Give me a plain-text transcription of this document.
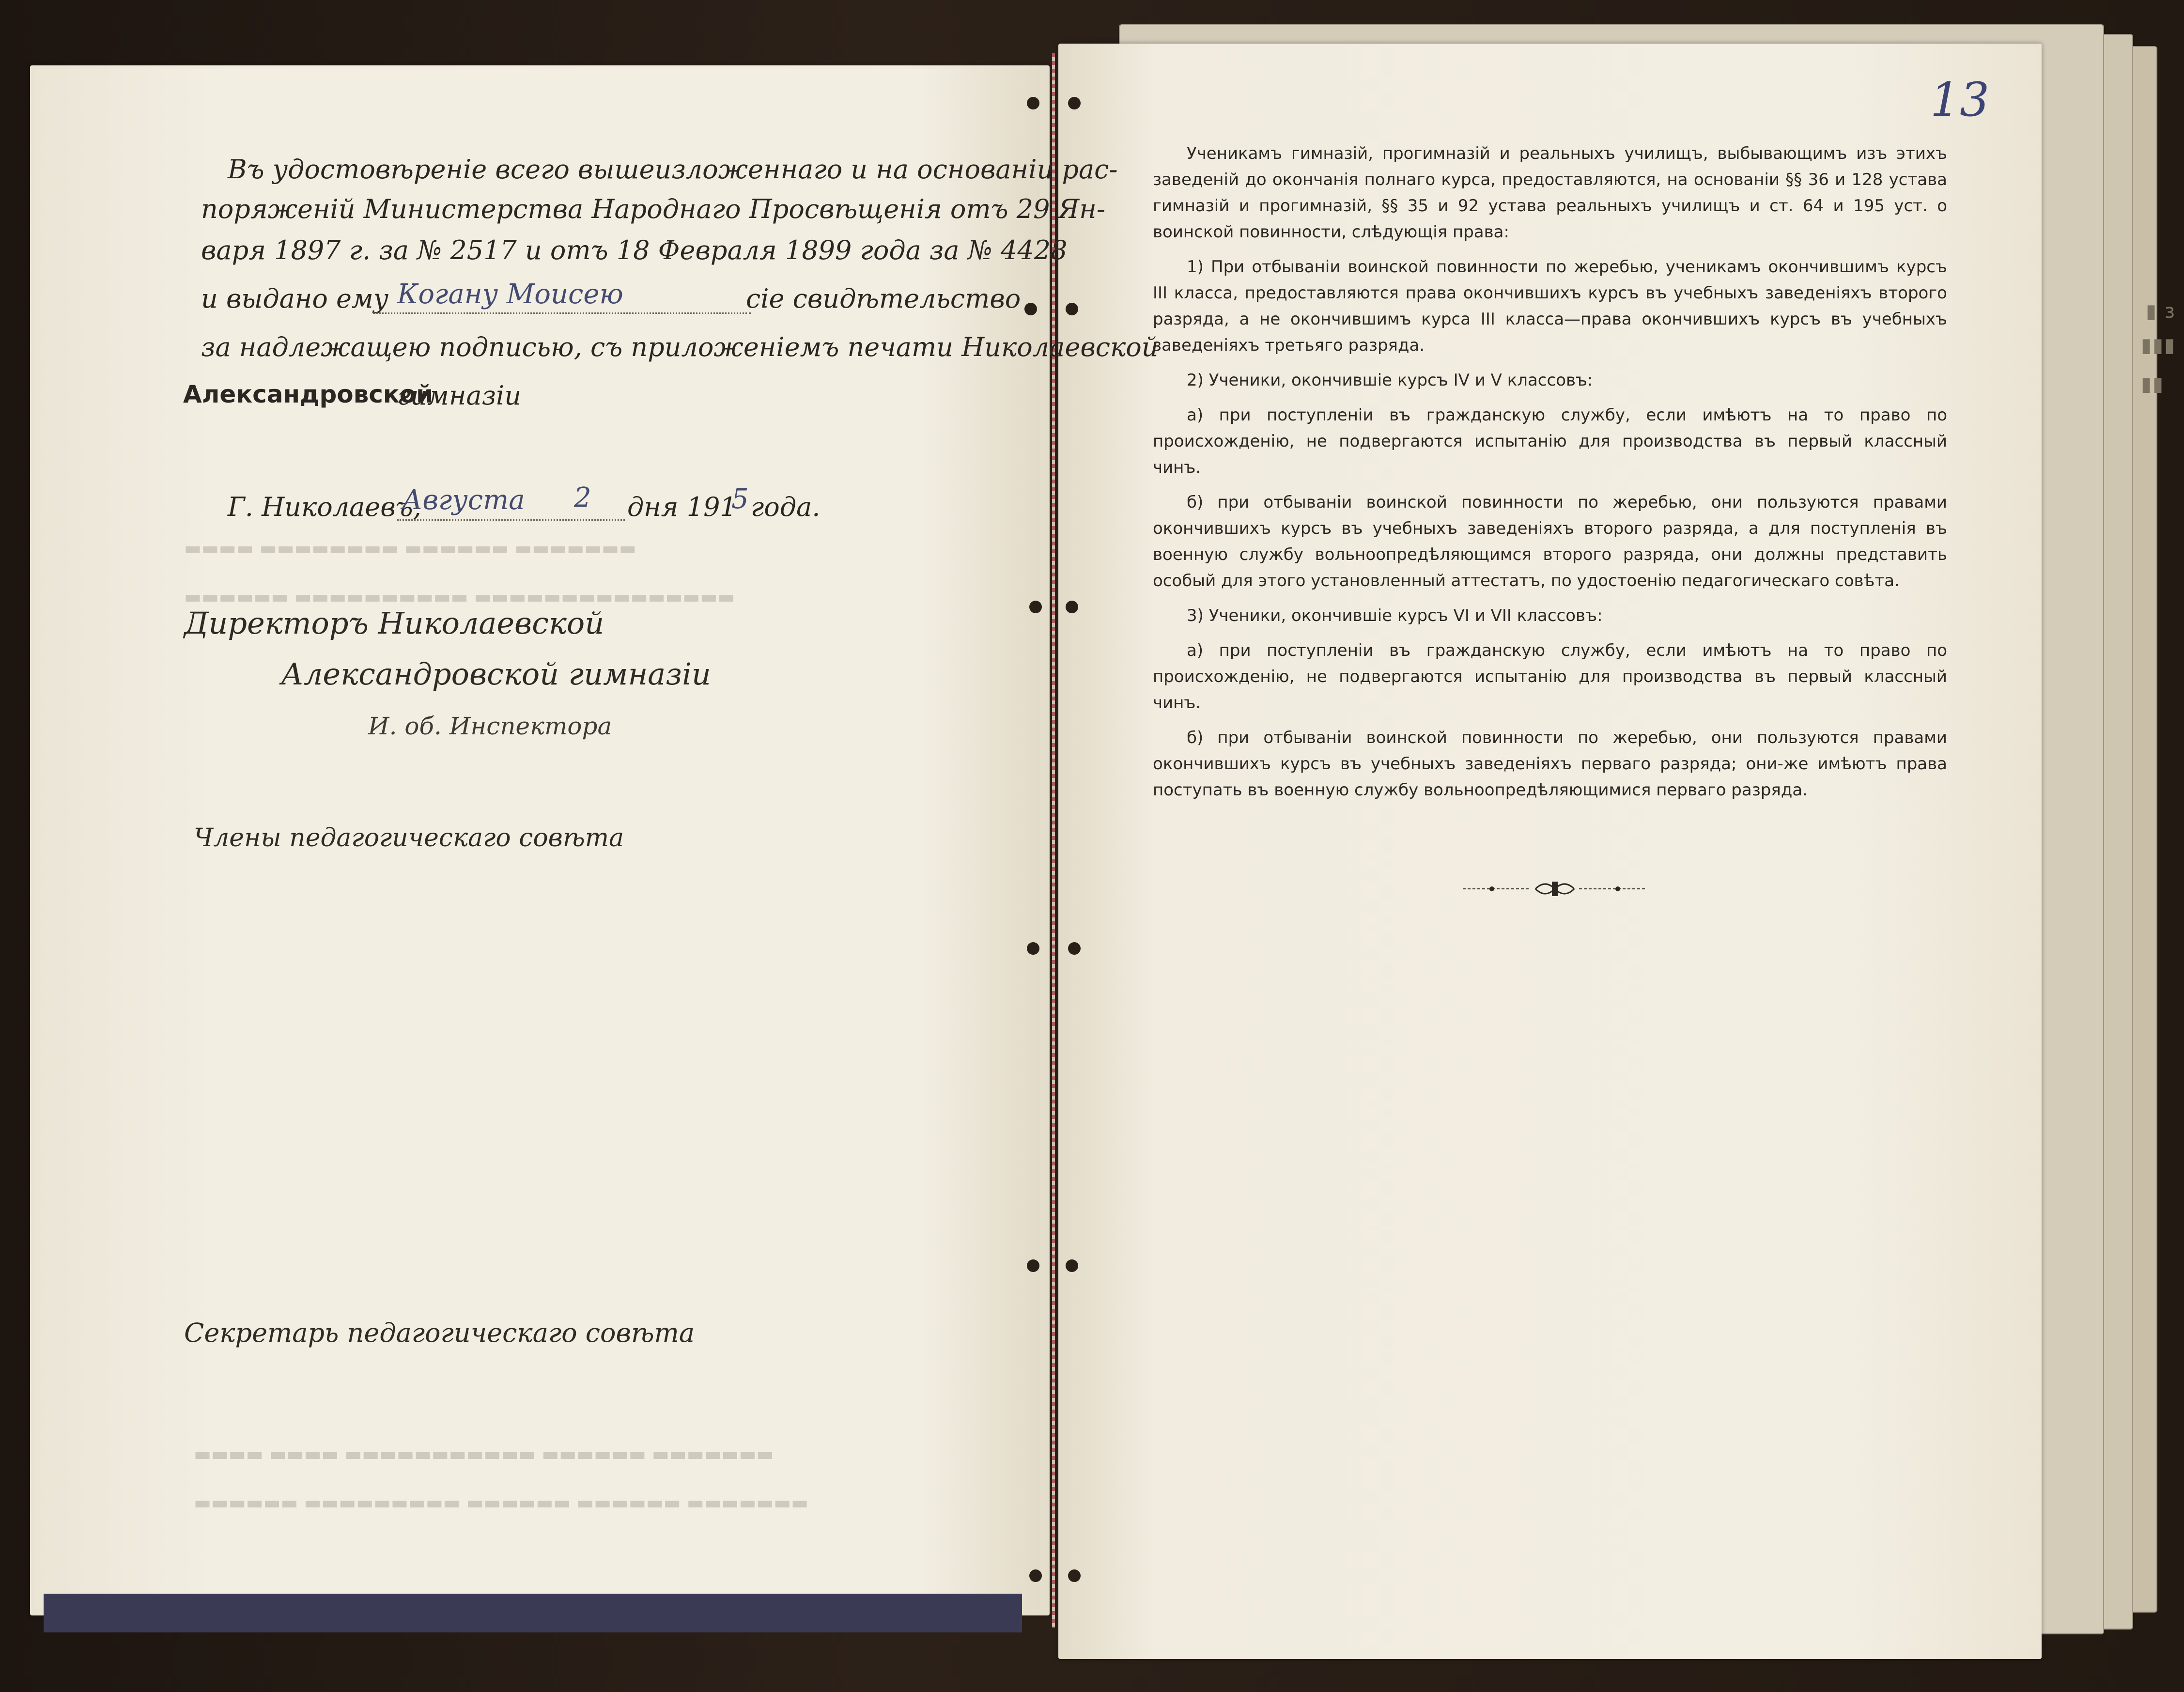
▬▬▬▬ ▬▬▬▬▬▬▬▬ ▬▬▬▬▬▬ ▬▬▬▬▬▬▬
▬▬▬▬▬▬ ▬▬▬▬▬▬▬▬▬▬ ▬▬▬▬▬▬▬▬▬▬▬▬▬▬▬
▬▬▬▬ ▬▬▬▬ ▬▬▬▬▬▬▬▬▬▬▬ ▬▬▬▬▬▬ ▬▬▬▬▬▬▬
▬▬▬▬▬▬ ▬▬▬▬▬▬▬▬▬ ▬▬▬▬▬▬ ▬▬▬▬▬▬ ▬▬▬▬▬▬▬
Въ удостовѣреніе всего вышеизложеннаго и на основаніи рас-
поряженій Министерства Народнаго Просвѣщенія отъ 29 Ян-
варя 1897 г. за № 2517 и отъ 18 Февраля 1899 года за № 4428
и выдано ему Когану Моисею	сіе свидѣтельство
за надлежащею подписью, съ приложеніемъ печати Николаевской
Александровской
гимназіи
Г. Николаевъ,
Августа 2 дня 191
5 года.
Директоръ Николаевской
Александровской гимназіи
И. об. Инспектора
Члены педагогическаго совѣта
Секретарь педагогическаго совѣта
13

Ученикамъ гимназій, прогимназій и реальныхъ училищъ, выбывающимъ изъ этихъ заведеній до окончанія полнаго курса, предоставляются, на основаніи §§ 36 и 128 устава гимназій и прогимназій, §§ 35 и 92 устава реальныхъ училищъ и ст. 64 и 195 уст. о воинской повинности, слѣдующія права:

1) При отбываніи воинской повинности по жеребью, ученикамъ окончившимъ курсъ III класса, предоставляются права окончившихъ курсъ въ учебныхъ заведеніяхъ второго разряда, а не окончившимъ курса III класса—права окончившихъ курсъ въ учебныхъ заведеніяхъ третьяго разряда.

2) Ученики, окончившіе курсъ IV и V классовъ:

а) при поступленіи въ гражданскую службу, если имѣютъ на то право по происхожденію, не подвергаются испытанію для производства въ первый классный чинъ.

б) при отбываніи воинской повинности по жеребью, они пользуются правами окончившихъ курсъ въ учебныхъ заведеніяхъ второго разряда, а для поступленія въ военную службу вольноопредѣляющимся второго разряда, они должны представить особый для этого установленный аттестатъ, по удостоенію педагогическаго совѣта.

3) Ученики, окончившіе курсъ VI и VII классовъ:

а) при поступленіи въ гражданскую службу, если имѣютъ на то право по происхожденію, не подвергаются испытанію для производства въ первый классный чинъ.

б) при отбываніи воинской повинности по жеребью, они пользуются правами окончившихъ курсъ въ учебныхъ заведеніяхъ перваго разряда; они-же имѣютъ права поступать въ военную службу вольноопредѣляющимися перваго разряда.

▮ з
▮▮▮
▮▮
